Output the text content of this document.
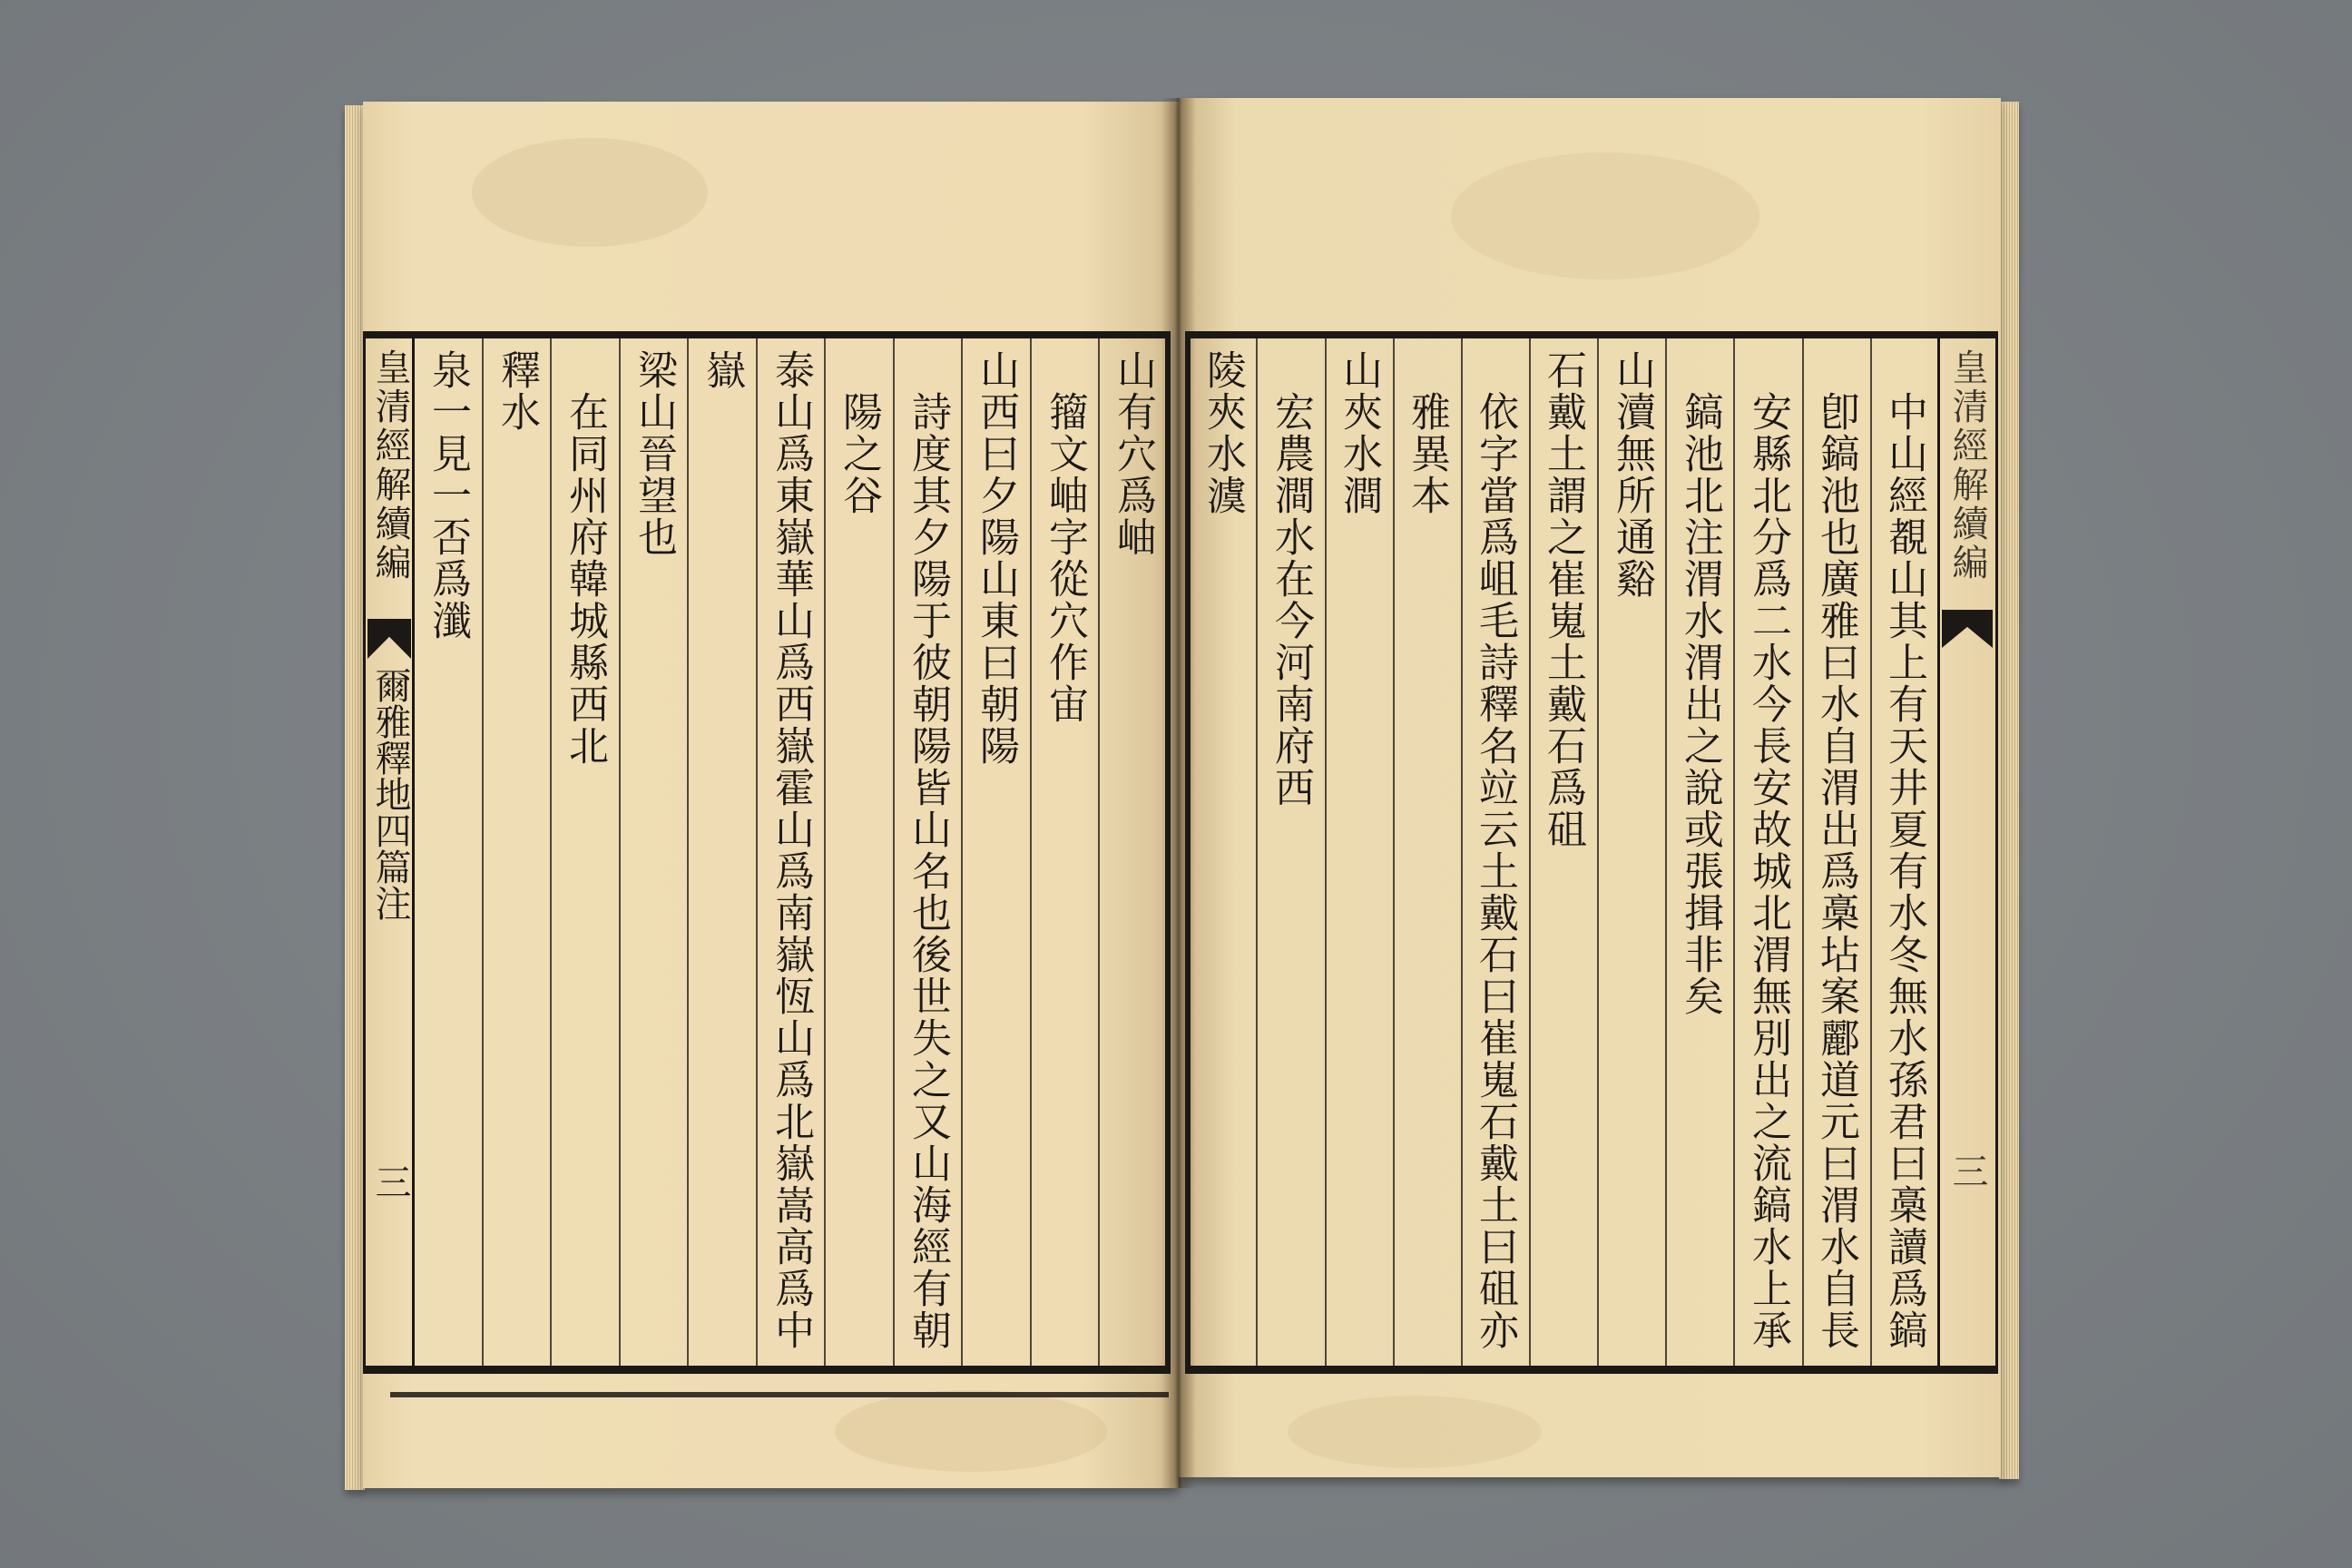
皇清經解續編
爾雅釋地四篇注
三
山有穴爲岫
籀文岫字從穴作宙
山西曰夕陽山東曰朝陽
詩度其夕陽于彼朝陽皆山名也後世失之又山海經有朝
陽之谷
泰山爲東嶽華山爲西嶽霍山爲南嶽恆山爲北嶽嵩高爲中
嶽
梁山晉望也
在同州府韓城縣西北
釋水
泉一見一否爲瀸	皇清經解續編
三
中山經覩山其上有天井夏有水冬無水孫君曰槀讀爲鎬
卽鎬池也廣雅曰水自渭出爲槀坫案酈道元曰渭水自長
安縣北分爲二水今長安故城北渭無別出之流鎬水上承
鎬池北注渭水渭出之說或張揖非矣
山瀆無所通谿
石戴土謂之崔嵬土戴石爲砠
依字當爲岨毛詩釋名竝云土戴石曰崔嵬石戴土曰砠亦
雅異本
山夾水澗
宏農澗水在今河南府西
陵夾水澞
